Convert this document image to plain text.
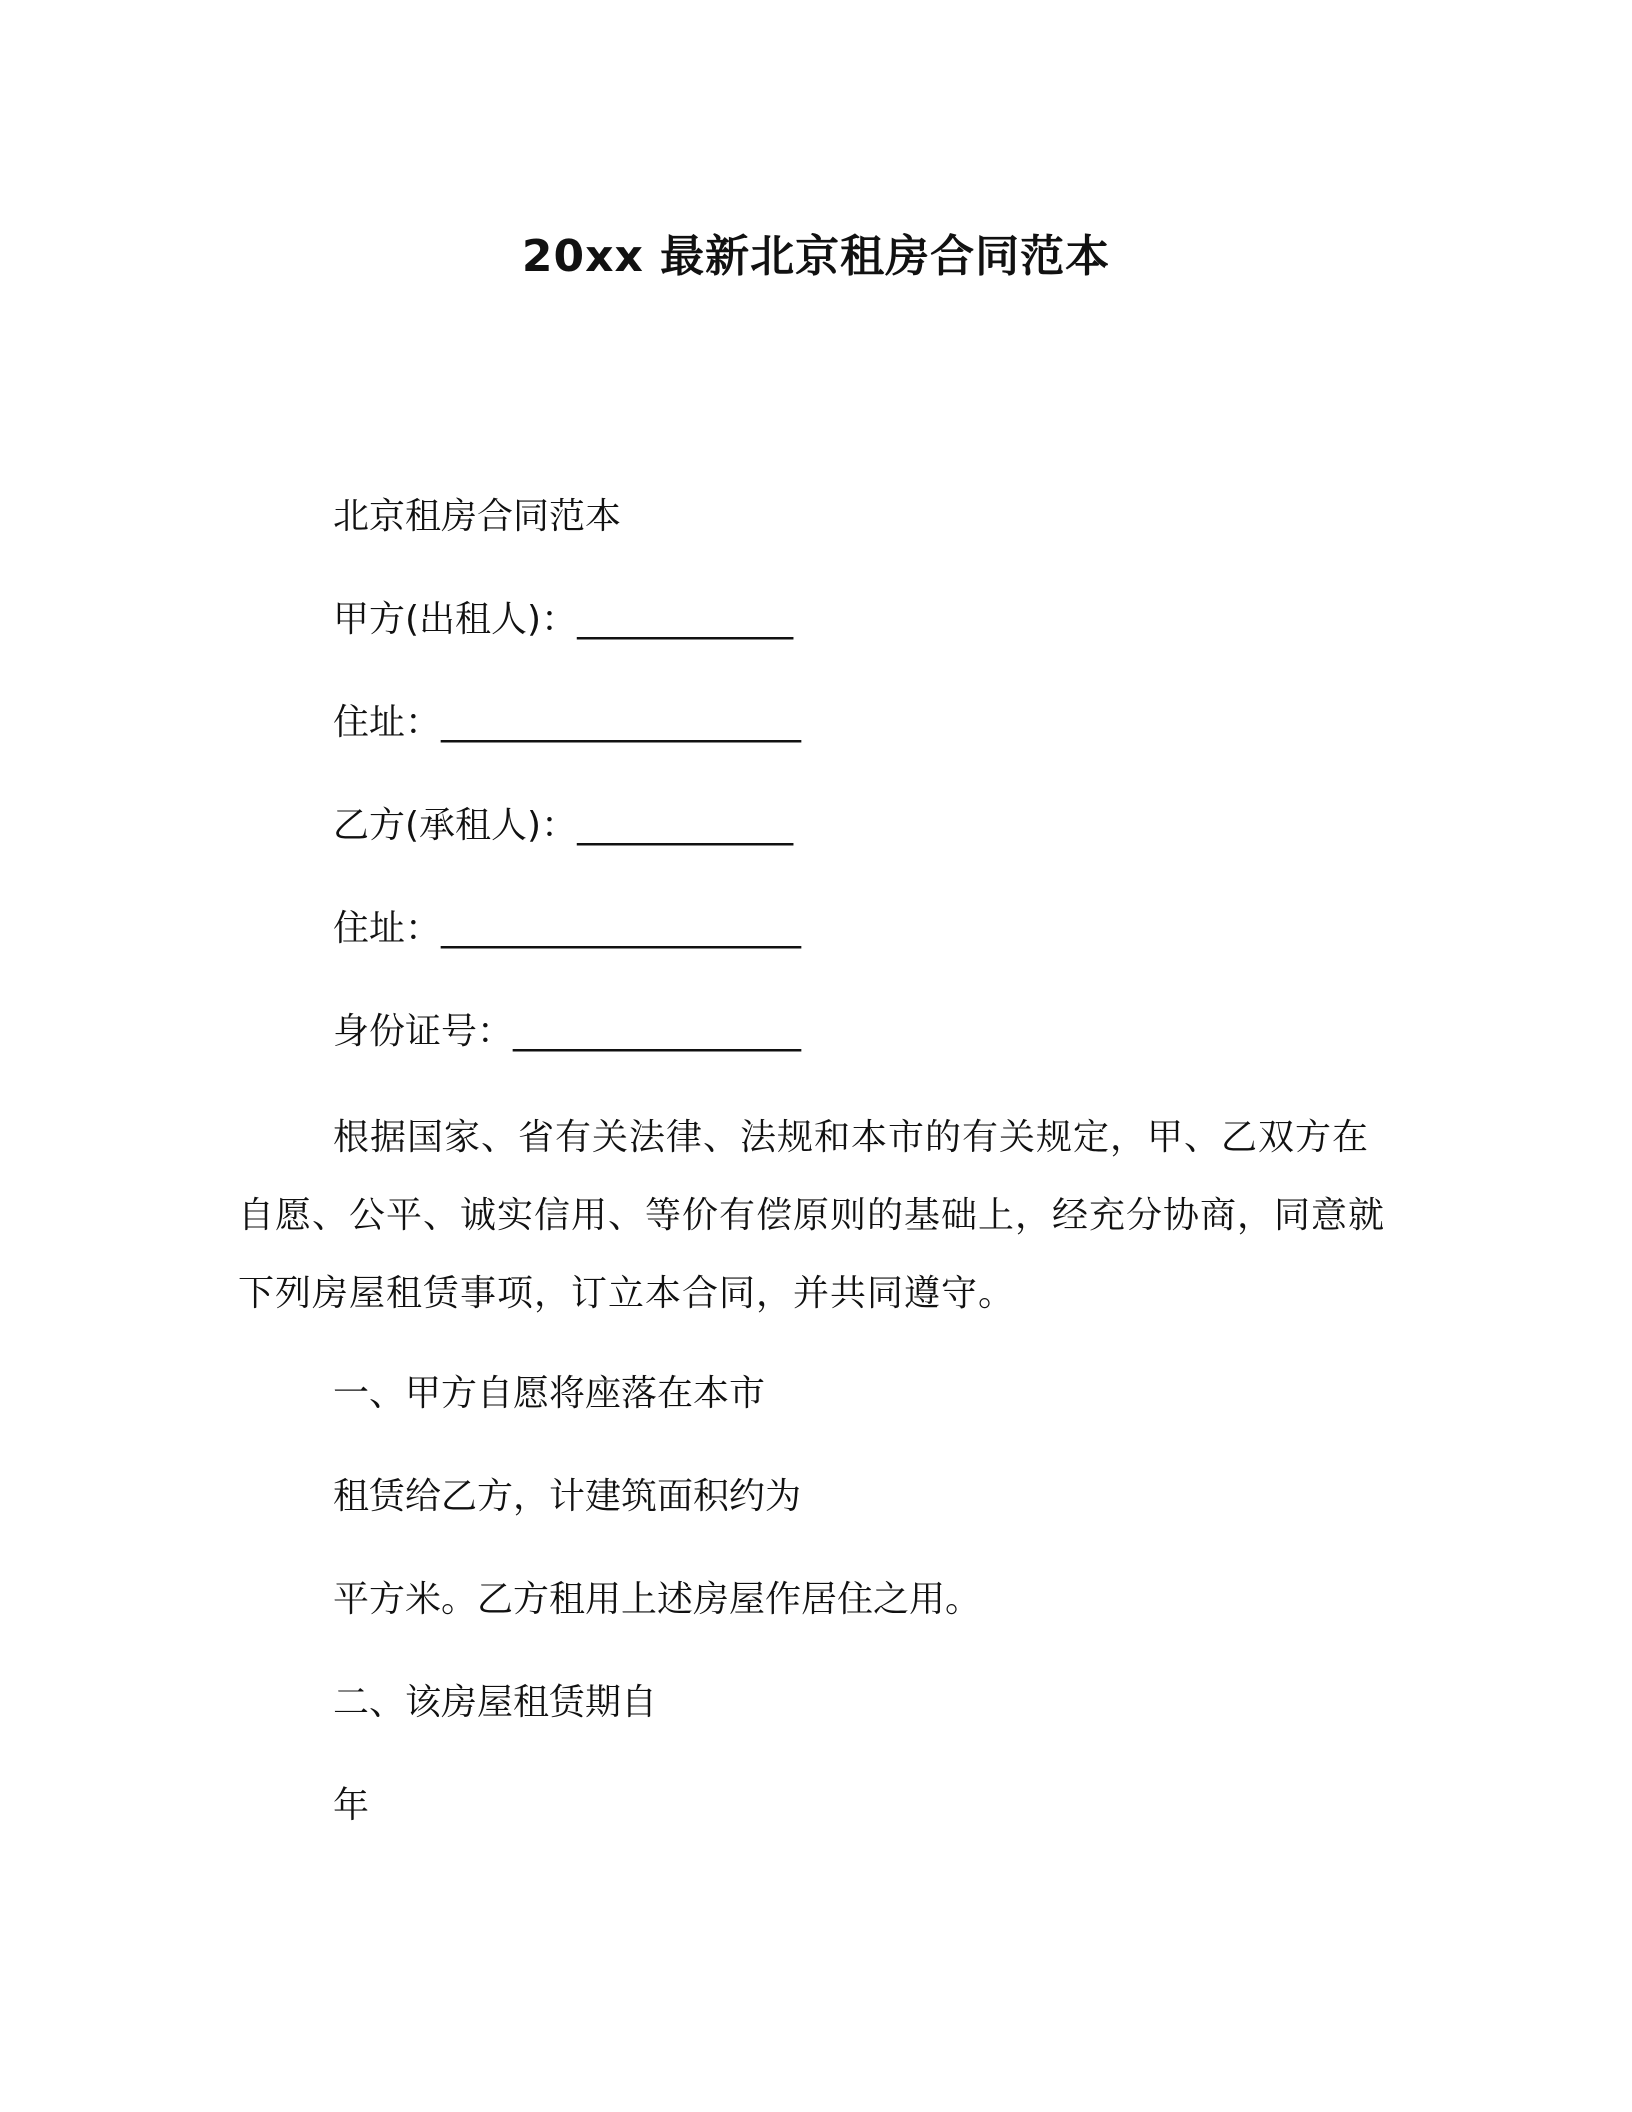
20xx 最新北京租房合同范本
北京租房合同范本
甲方(出租人)：____________
住址：____________________
乙方(承租人)：____________
住址：____________________
身份证号：________________
根据国家、省有关法律、法规和本市的有关规定，甲、乙双方在自愿、公平、诚实信用、等价有偿原则的基础上，经充分协商，同意就下列房屋租赁事项，订立本合同，并共同遵守。
一、甲方自愿将座落在本市
租赁给乙方，计建筑面积约为
平方米。乙方租用上述房屋作居住之用。
二、该房屋租赁期自
年
